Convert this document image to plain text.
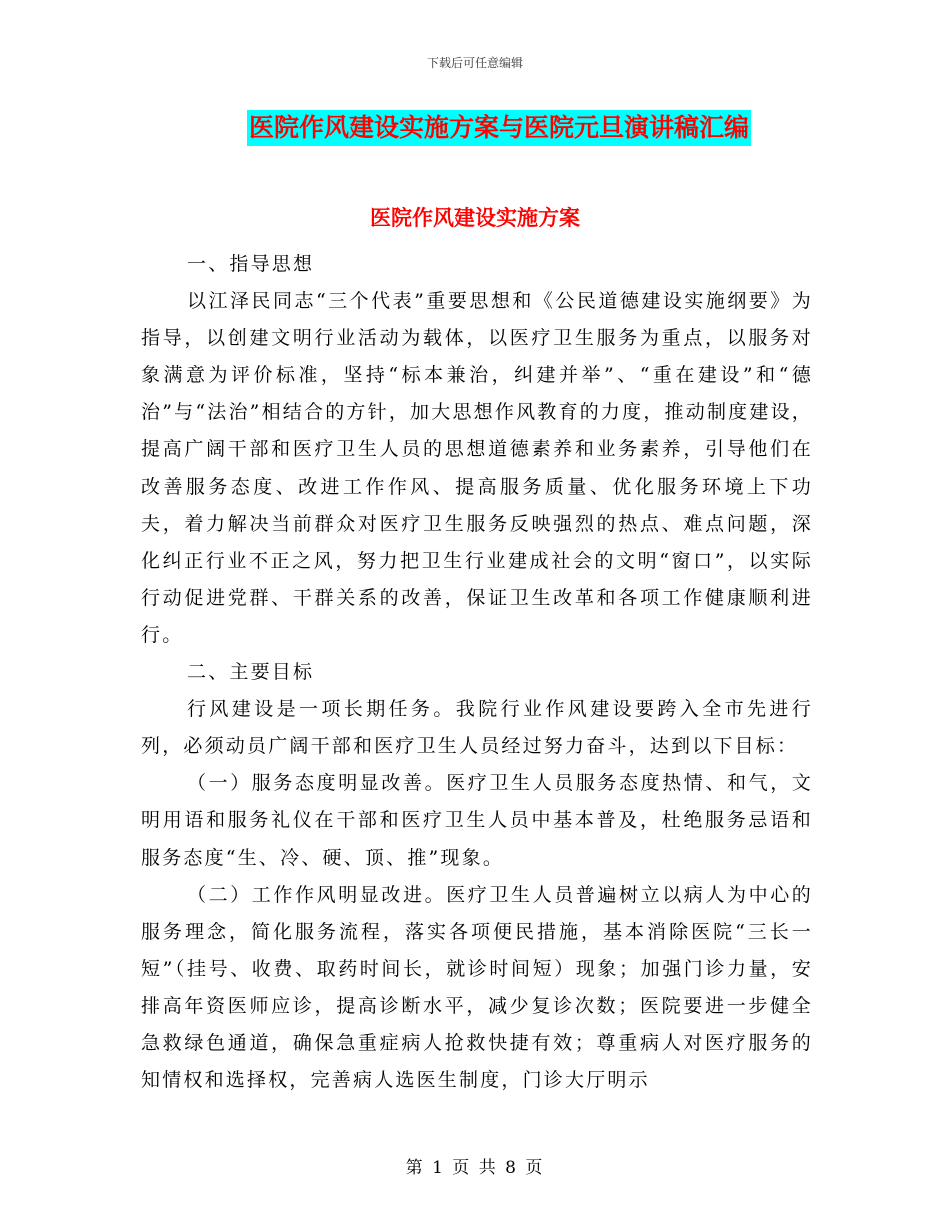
下载后可任意编辑
医院作风建设实施方案与医院元旦演讲稿汇编
医院作风建设实施方案

一、指导思想

以江泽民同志“三个代表”重要思想和《公民道德建设实施纲要》为指导，以创建文明行业活动为载体，以医疗卫生服务为重点，以服务对象满意为评价标准，坚持“标本兼治，纠建并举”、“重在建设”和“德治”与“法治”相结合的方针，加大思想作风教育的力度，推动制度建设，提高广阔干部和医疗卫生人员的思想道德素养和业务素养，引导他们在改善服务态度、改进工作作风、提高服务质量、优化服务环境上下功夫，着力解决当前群众对医疗卫生服务反映强烈的热点、难点问题，深化纠正行业不正之风，努力把卫生行业建成社会的文明“窗口”，以实际行动促进党群、干群关系的改善，保证卫生改革和各项工作健康顺利进行。

二、主要目标

行风建设是一项长期任务。我院行业作风建设要跨入全市先进行列，必须动员广阔干部和医疗卫生人员经过努力奋斗，达到以下目标：

（一）服务态度明显改善。医疗卫生人员服务态度热情、和气，文明用语和服务礼仪在干部和医疗卫生人员中基本普及，杜绝服务忌语和服务态度“生、冷、硬、顶、推”现象。

（二）工作作风明显改进。医疗卫生人员普遍树立以病人为中心的服务理念，简化服务流程，落实各项便民措施，基本消除医院“三长一短”（挂号、收费、取药时间长，就诊时间短）现象；加强门诊力量，安排高年资医师应诊，提高诊断水平，减少复诊次数；医院要进一步健全急救绿色通道，确保急重症病人抢救快捷有效；尊重病人对医疗服务的知情权和选择权，完善病人选医生制度，门诊大厅明示

第 1 页 共 8 页
